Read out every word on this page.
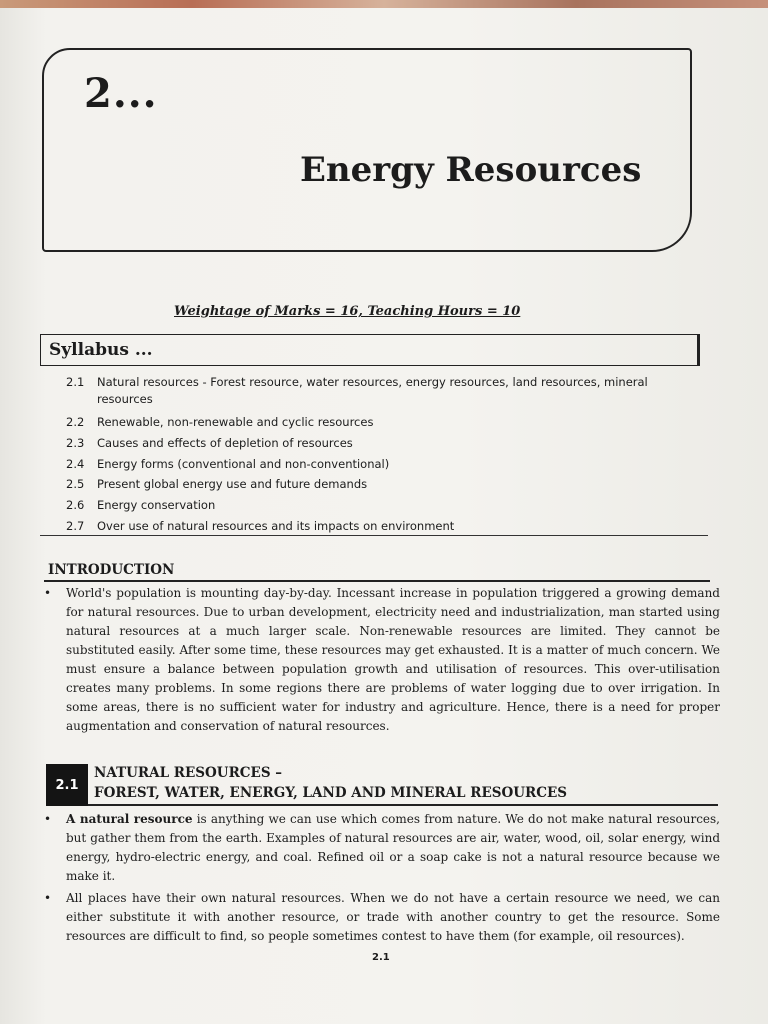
2...
Energy Resources
Weightage of Marks = 16, Teaching Hours = 10
Syllabus ...
2.1	Natural resources - Forest resource, water resources, energy resources, land resources, mineral resources
2.2	Renewable, non-renewable and cyclic resources
2.3	Causes and effects of depletion of resources
2.4	Energy forms (conventional and non-conventional)
2.5	Present global energy use and future demands
2.6	Energy conservation
2.7	Over use of natural resources and its impacts on environment
INTRODUCTION
•	World's population is mounting day-by-day. Incessant increase in population triggered a growing demand for natural resources. Due to urban development, electricity need and industrialization, man started using natural resources at a much larger scale. Non-renewable resources are limited. They cannot be substituted easily. After some time, these resources may get exhausted. It is a matter of much concern. We must ensure a balance between population growth and utilisation of resources. This over-utilisation creates many problems. In some regions there are problems of water logging due to over irrigation. In some areas, there is no sufficient water for industry and agriculture. Hence, there is a need for proper augmentation and conservation of natural resources.
2.1
NATURAL RESOURCES –
FOREST, WATER, ENERGY, LAND AND MINERAL RESOURCES
•	A natural resource is anything we can use which comes from nature. We do not make natural resources, but gather them from the earth. Examples of natural resources are air, water, wood, oil, solar energy, wind energy, hydro-electric energy, and coal. Refined oil or a soap cake is not a natural resource because we make it.
•	All places have their own natural resources. When we do not have a certain resource we need, we can either substitute it with another resource, or trade with another country to get the resource. Some resources are difficult to find, so people sometimes contest to have them (for example, oil resources).
2.1
